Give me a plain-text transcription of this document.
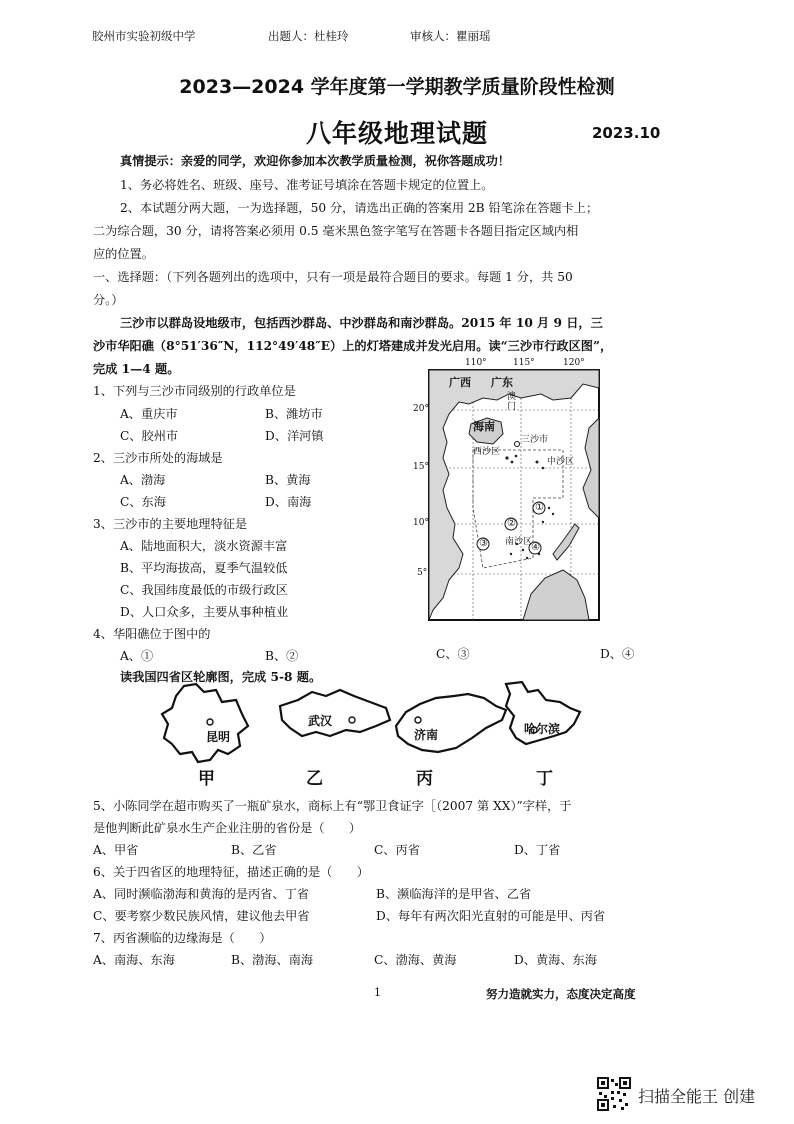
胶州市实验初级中学	出题人：杜桂玲	审核人：瞿丽瑶
2023—2024 学年度第一学期教学质量阶段性检测
八年级地理试题	2023.10
真情提示：亲爱的同学，欢迎你参加本次教学质量检测，祝你答题成功！
1、务必将姓名、班级、座号、准考证号填涂在答题卡规定的位置上。
2、本试题分两大题，一为选择题，50 分，请选出正确的答案用 2B 铅笔涂在答题卡上；
二为综合题，30 分，请将答案必须用 0.5 毫米黑色签字笔写在答题卡各题目指定区域内相
应的位置。
一、选择题：（下列各题列出的选项中，只有一项是最符合题目的要求。每题 1 分，共 50
分。）
三沙市以群岛设地级市，包括西沙群岛、中沙群岛和南沙群岛。2015 年 10 月 9 日，三
沙市华阳礁（8°51′36″N，112°49′48″E）上的灯塔建成并发光启用。读“三沙市行政区图”，
完成 1—4 题。
1、下列与三沙市同级别的行政单位是
A、重庆市	B、潍坊市
C、胶州市	D、洋河镇
2、三沙市所处的海域是
A、渤海	B、黄海
C、东海	D、南海
3、三沙市的主要地理特征是
A、陆地面积大，淡水资源丰富
B、平均海拔高，夏季气温较低
C、我国纬度最低的市级行政区
D、人口众多，主要从事种植业
4、华阳礁位于图中的
A、①	B、②	C、③	D、④
110°	115°	120°
20°
15°
10°
5°
广西 广东
澳门
海南
三沙市
西沙区
中沙区
南沙区
①
②
③	④
读我国四省区轮廓图，完成 5-8 题。
昆明
武汉
济南	哈尔滨
甲	乙	丙	丁
5、小陈同学在超市购买了一瓶矿泉水，商标上有“鄂卫食证字［（2007 第 XX）”字样，于
是他判断此矿泉水生产企业注册的省份是（　　）
A、甲省	B、乙省	C、丙省	D、丁省
6、关于四省区的地理特征，描述正确的是（　　）
A、同时濒临渤海和黄海的是丙省、丁省	B、濒临海洋的是甲省、乙省
C、要考察少数民族风情，建议他去甲省	D、每年有两次阳光直射的可能是甲、丙省
7、丙省濒临的边缘海是（　　）
A、南海、东海	B、渤海、南海	C、渤海、黄海	D、黄海、东海
1	努力造就实力，态度决定高度
扫描全能王 创建
